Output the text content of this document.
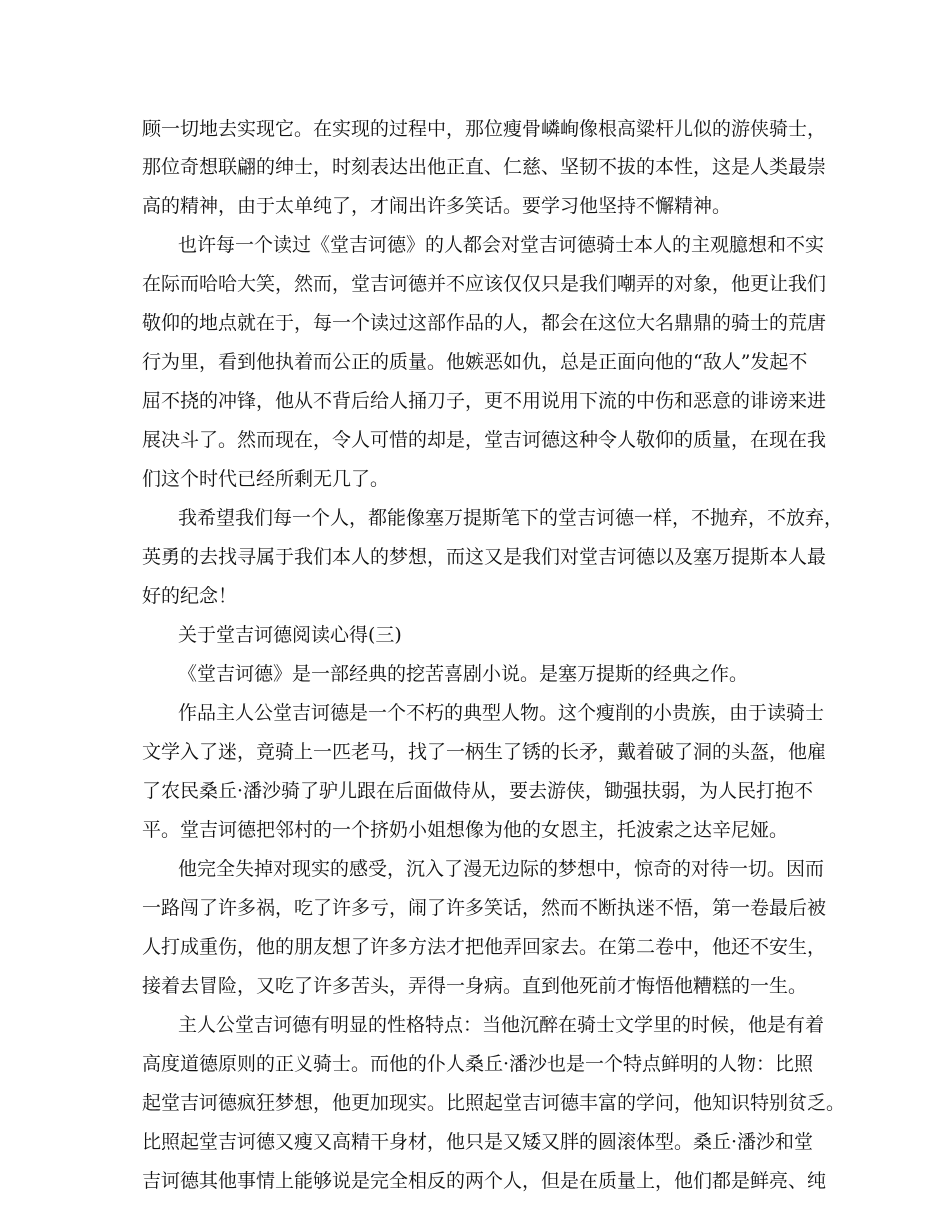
顾一切地去实现它。在实现的过程中，那位瘦骨嶙峋像根高粱杆儿似的游侠骑士，
那位奇想联翩的绅士，时刻表达出他正直、仁慈、坚韧不拔的本性，这是人类最崇
高的精神，由于太单纯了，才闹出许多笑话。要学习他坚持不懈精神。
也许每一个读过《堂吉诃德》的人都会对堂吉诃德骑士本人的主观臆想和不实
在际而哈哈大笑，然而，堂吉诃德并不应该仅仅只是我们嘲弄的对象，他更让我们
敬仰的地点就在于，每一个读过这部作品的人，都会在这位大名鼎鼎的骑士的荒唐
行为里，看到他执着而公正的质量。他嫉恶如仇，总是正面向他的“敌人”发起不
屈不挠的冲锋，他从不背后给人捅刀子，更不用说用下流的中伤和恶意的诽谤来进
展决斗了。然而现在，令人可惜的却是，堂吉诃德这种令人敬仰的质量，在现在我
们这个时代已经所剩无几了。
我希望我们每一个人，都能像塞万提斯笔下的堂吉诃德一样，不抛弃，不放弃，
英勇的去找寻属于我们本人的梦想，而这又是我们对堂吉诃德以及塞万提斯本人最
好的纪念！
关于堂吉诃德阅读心得(三)
《堂吉诃德》是一部经典的挖苦喜剧小说。是塞万提斯的经典之作。
作品主人公堂吉诃德是一个不朽的典型人物。这个瘦削的小贵族，由于读骑士
文学入了迷，竟骑上一匹老马，找了一柄生了锈的长矛，戴着破了洞的头盔，他雇
了农民桑丘·潘沙骑了驴儿跟在后面做侍从，要去游侠，锄强扶弱，为人民打抱不
平。堂吉诃德把邻村的一个挤奶小姐想像为他的女恩主，托波索之达辛尼娅。
他完全失掉对现实的感受，沉入了漫无边际的梦想中，惊奇的对待一切。因而
一路闯了许多祸，吃了许多亏，闹了许多笑话，然而不断执迷不悟，第一卷最后被
人打成重伤，他的朋友想了许多方法才把他弄回家去。在第二卷中，他还不安生，
接着去冒险，又吃了许多苦头，弄得一身病。直到他死前才悔悟他糟糕的一生。
主人公堂吉诃德有明显的性格特点：当他沉醉在骑士文学里的时候，他是有着
高度道德原则的正义骑士。而他的仆人桑丘·潘沙也是一个特点鲜明的人物：比照
起堂吉诃德疯狂梦想，他更加现实。比照起堂吉诃德丰富的学问，他知识特别贫乏。
比照起堂吉诃德又瘦又高精干身材，他只是又矮又胖的圆滚体型。桑丘·潘沙和堂
吉诃德其他事情上能够说是完全相反的两个人，但是在质量上，他们都是鲜亮、纯
